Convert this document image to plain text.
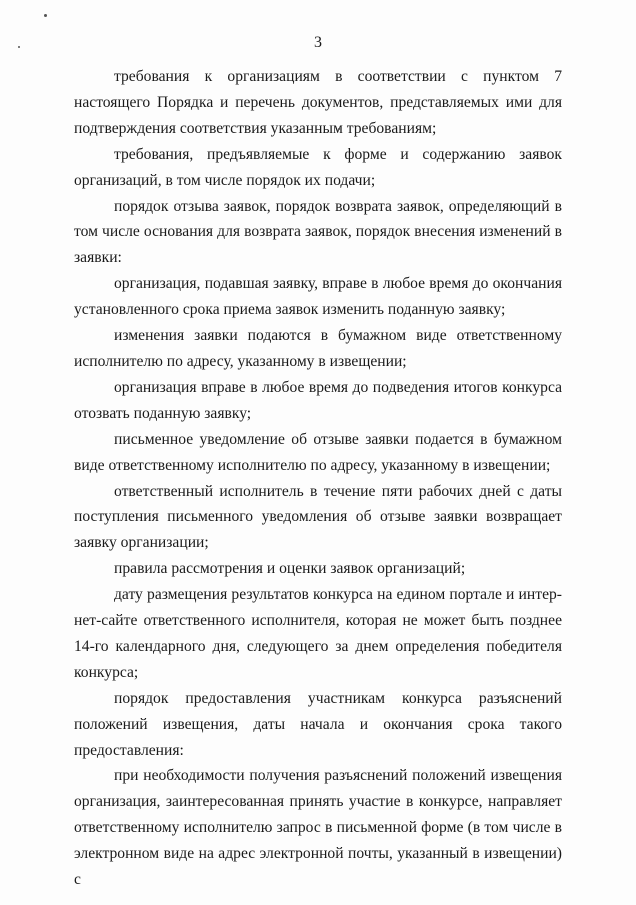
3

требования к организациям в соответствии с пунктом 7 настоящего Порядка и перечень документов, представляемых ими для подтверждения соответствия указанным требованиям;

требования, предъявляемые к форме и содержанию заявок организаций, в том числе порядок их подачи;

порядок отзыва заявок, порядок возврата заявок, определяющий в том числе основания для возврата заявок, порядок внесения изменений в заявки:

организация, подавшая заявку, вправе в любое время до окончания установленного срока приема заявок изменить поданную заявку;

изменения заявки подаются в бумажном виде ответственному исполнителю по адресу, указанному в извещении;

организация вправе в любое время до подведения итогов конкурса отозвать поданную заявку;

письменное уведомление об отзыве заявки подается в бумажном виде ответственному исполнителю по адресу, указанному в извещении;

ответственный исполнитель в течение пяти рабочих дней с даты поступления письменного уведомления об отзыве заявки возвращает заявку организации;

правила рассмотрения и оценки заявок организаций;

дату размещения результатов конкурса на едином портале и интернет-сайте ответственного исполнителя, которая не может быть позднее 14-го календарного дня, следующего за днем определения победителя конкурса;

порядок предоставления участникам конкурса разъяснений положений извещения, даты начала и окончания срока такого предоставления:

при необходимости получения разъяснений положений извещения организация, заинтересованная принять участие в конкурсе, направляет ответственному исполнителю запрос в письменной форме (в том числе в электронном виде на адрес электронной почты, указанный в извещении) с
